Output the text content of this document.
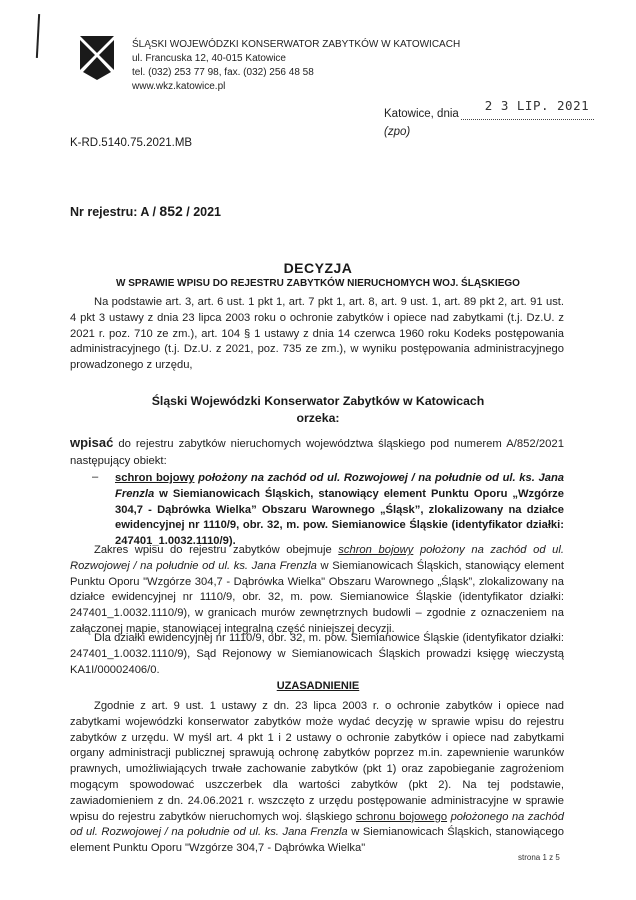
ŚLĄSKI WOJEWÓDZKI KONSERWATOR ZABYTKÓW W KATOWICACH
ul. Francuska 12, 40-015 Katowice
tel. (032) 253 77 98, fax. (032) 256 48 58
www.wkz.katowice.pl
Katowice, dnia
2 3 LIP. 2021
(zpo)
K-RD.5140.75.2021.MB
Nr rejestru: A / 852 / 2021
DECYZJA
W SPRAWIE WPISU DO REJESTRU ZABYTKÓW NIERUCHOMYCH WOJ. ŚLĄSKIEGO

Na podstawie art. 3, art. 6 ust. 1 pkt 1, art. 7 pkt 1, art. 8, art. 9 ust. 1, art. 89 pkt 2, art. 91 ust. 4 pkt 3 ustawy z dnia 23 lipca 2003 roku o ochronie zabytków i opiece nad zabytkami (t.j. Dz.U. z 2021 r. poz. 710 ze zm.), art. 104 § 1 ustawy z dnia 14 czerwca 1960 roku Kodeks postępowania administracyjnego (t.j. Dz.U. z 2021, poz. 735 ze zm.), w wyniku postępowania administracyjnego prowadzonego z urzędu,

Śląski Wojewódzki Konserwator Zabytków w Katowicach
orzeka:

wpisać do rejestru zabytków nieruchomych województwa śląskiego pod numerem A/852/2021 następujący obiekt:

– schron bojowy położony na zachód od ul. Rozwojowej / na południe od ul. ks. Jana Frenzla w Siemianowicach Śląskich, stanowiący element Punktu Oporu „Wzgórze 304,7 - Dąbrówka Wielka” Obszaru Warownego „Śląsk”, zlokalizowany na działce ewidencyjnej nr 1110/9, obr. 32, m. pow. Siemianowice Śląskie (identyfikator działki: 247401_1.0032.1110/9).

Zakres wpisu do rejestru zabytków obejmuje schron bojowy położony na zachód od ul. Rozwojowej / na południe od ul. ks. Jana Frenzla w Siemianowicach Śląskich, stanowiący element Punktu Oporu "Wzgórze 304,7 - Dąbrówka Wielka" Obszaru Warownego „Śląsk”, zlokalizowany na działce ewidencyjnej nr 1110/9, obr. 32, m. pow. Siemianowice Śląskie (identyfikator działki: 247401_1.0032.1110/9), w granicach murów zewnętrznych budowli – zgodnie z oznaczeniem na załączonej mapie, stanowiącej integralną część niniejszej decyzji.

Dla działki ewidencyjnej nr 1110/9, obr. 32, m. pow. Siemianowice Śląskie (identyfikator działki: 247401_1.0032.1110/9), Sąd Rejonowy w Siemianowicach Śląskich prowadzi księgę wieczystą KA1I/00002406/0.

UZASADNIENIE

Zgodnie z art. 9 ust. 1 ustawy z dn. 23 lipca 2003 r. o ochronie zabytków i opiece nad zabytkami wojewódzki konserwator zabytków może wydać decyzję w sprawie wpisu do rejestru zabytków z urzędu. W myśl art. 4 pkt 1 i 2 ustawy o ochronie zabytków i opiece nad zabytkami organy administracji publicznej sprawują ochronę zabytków poprzez m.in. zapewnienie warunków prawnych, umożliwiających trwałe zachowanie zabytków (pkt 1) oraz zapobieganie zagrożeniom mogącym spowodować uszczerbek dla wartości zabytków (pkt 2). Na tej podstawie, zawiadomieniem z dn. 24.06.2021 r. wszczęto z urzędu postępowanie administracyjne w sprawie wpisu do rejestru zabytków nieruchomych woj. śląskiego schronu bojowego położonego na zachód od ul. Rozwojowej / na południe od ul. ks. Jana Frenzla w Siemianowicach Śląskich, stanowiącego element Punktu Oporu "Wzgórze 304,7 - Dąbrówka Wielka"

strona 1 z 5
